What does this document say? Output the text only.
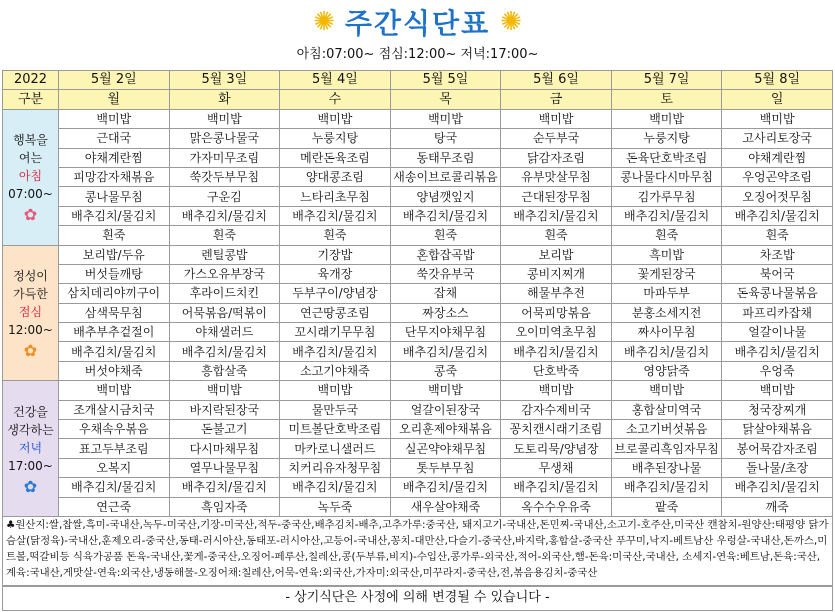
✺ 주간식단표 ✺
아침:07:00~ 점심:12:00~ 저녁:17:00~
2022	5월 2일	5월 3일	5월 4일	5월 5일	5월 6일	5월 7일	5월 8일
구분	월	화	수	목	금	토	일

행복을
여는
아침
07:00~
✿	백미밥	백미밥	백미밥	백미밥	백미밥	백미밥	백미밥
	근대국	맑은콩나물국	누룽지탕	탕국	순두부국	누룽지탕	고사리토장국
	야채계란찜	가자미무조림	메란돈육조림	동태무조림	닭감자조림	돈육단호박조림	야채계란찜
	피망감자채볶음	쑥갓두부무침	양대콩조림	새송이브로콜리볶음	유부맛살무침	콩나물다시마무침	우엉곤약조림
	콩나물무침	구운김	느타리초무침	양념깻잎지	근대된장무침	김가루무침	오징어젓무침
	배추김치/물김치	배추김치/물김치	배추김치/물김치	배추김치/물김치	배추김치/물김치	배추김치/물김치	배추김치/물김치
	흰죽	흰죽	흰죽	흰죽	흰죽	흰죽	흰죽

정성이
가득한
점심
12:00~
✿	보리밥/두유	렌틸콩밥	기장밥	혼합잡곡밥	보리밥	흑미밥	차조밥
	버섯들깨탕	가스오유부장국	육개장	쑥갓유부국	콩비지찌개	꽃게된장국	북어국
	삼치데리야끼구이	후라이드치킨	두부구이/양념장	잡채	해물부추전	마파두부	돈육콩나물볶음
	삼색묵무침	어묵볶음/떡볶이	연근땅콩조림	짜장소스	어묵피망볶음	분홍소세지전	파프리카잡채
	배추부추겉절이	야채샐러드	꼬시래기무무침	단무지야채무침	오이미역초무침	짜사이무침	얼갈이나물
	배추김치/물김치	배추김치/물김치	배추김치/물김치	배추김치/물김치	배추김치/물김치	배추김치/물김치	배추김치/물김치
	버섯야채죽	흥합살죽	소고기야채죽	콩죽	단호박죽	영양닭죽	우엉죽

건강을
생각하는
저녁
17:00~
✿	백미밥	백미밥	백미밥	백미밥	백미밥	백미밥	백미밥
	조개살시금치국	바지락된장국	물만두국	얼갈이된장국	감자수제비국	홍합살미역국	청국장찌개
	우채속우볶음	돈불고기	미트볼단호박조림	오리훈제야채볶음	꽁치캔시래기조림	소고기버섯볶음	닭살야채볶음
	표고두부조림	다시마채무침	마카로니샐러드	실곤약야채무침	도토리묵/양념장	브로콜리흑임자무침	봉어묵감자조림
	오복지	열무나물무침	치커리유자청무침	톳두부무침	무생채	배추된장나물	돌나물/초장
	배추김치/물김치	배추김치/물김치	배추김치/물김치	배추김치/물김치	배추김치/물김치	배추김치/물김치	배추김치/물김치
	연근죽	흑임자죽	녹두죽	새우살야채죽	옥수수우유죽	팥죽	깨죽
♣원산지:쌀,찹쌀,흑미-국내산,녹두-미국산,기장-미국산,적두-중국산,배추김치-배추,고추가루:중국산, 돼지고기-국내산,돈민찌-국내산,소고기-호주산,미국산 캔참치-원양산:태평양 닭가슴살(닭정육)-국내산,훈제오리-중국산,동태-러시아산,동태포-러시아산,고등어-국내산,꽁치-대만산,다슬기-중국산,바지락,홍합살-중국산 푸꾸미,낙지-베트남산 우렁살-국내산,돈까스,미트볼,떡갈비등 식육가공품 돈육-국내산,꽃게-중국산,오징어-페루산,칠레산,콩(두부류,비지)-수입산,콩가루-외국산,적어-외국산,햄-돈육:미국산,국내산, 소세지-연육:베트남,돈육:국산,계육:국내산,게맛살-연육:외국산,냉동해물-오징어채:칠레산,어묵-연육:외국산,가자미:외국산,미꾸라지-중국산,전,볶음용김치-중국산
- 상기식단은 사정에 의해 변경될 수 있습니다 -
